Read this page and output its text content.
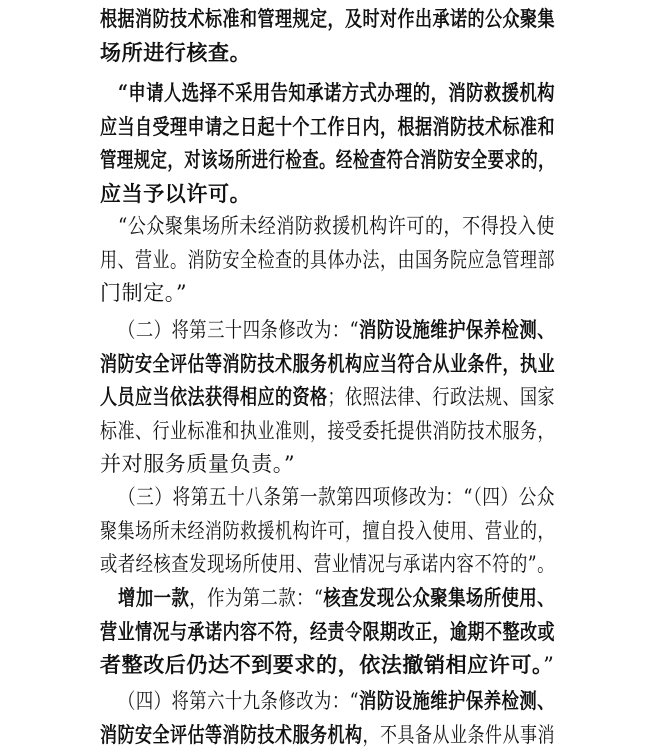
根据消防技术标准和管理规定，及时对作出承诺的公众聚集
场所进行核查。
“申请人选择不采用告知承诺方式办理的，消防救援机构
应当自受理申请之日起十个工作日内，根据消防技术标准和
管理规定，对该场所进行检查。经检查符合消防安全要求的，
应当予以许可。
“公众聚集场所未经消防救援机构许可的，不得投入使
用、营业。消防安全检查的具体办法，由国务院应急管理部
门制定。”
（二）将第三十四条修改为：“消防设施维护保养检测、
消防安全评估等消防技术服务机构应当符合从业条件，执业
人员应当依法获得相应的资格；依照法律、行政法规、国家
标准、行业标准和执业准则，接受委托提供消防技术服务，
并对服务质量负责。”
（三）将第五十八条第一款第四项修改为：“（四）公众
聚集场所未经消防救援机构许可，擅自投入使用、营业的，
或者经核查发现场所使用、营业情况与承诺内容不符的”。
增加一款，作为第二款：“核查发现公众聚集场所使用、
营业情况与承诺内容不符，经责令限期改正，逾期不整改或
者整改后仍达不到要求的，依法撤销相应许可。”
（四）将第六十九条修改为：“消防设施维护保养检测、
消防安全评估等消防技术服务机构，不具备从业条件从事消
